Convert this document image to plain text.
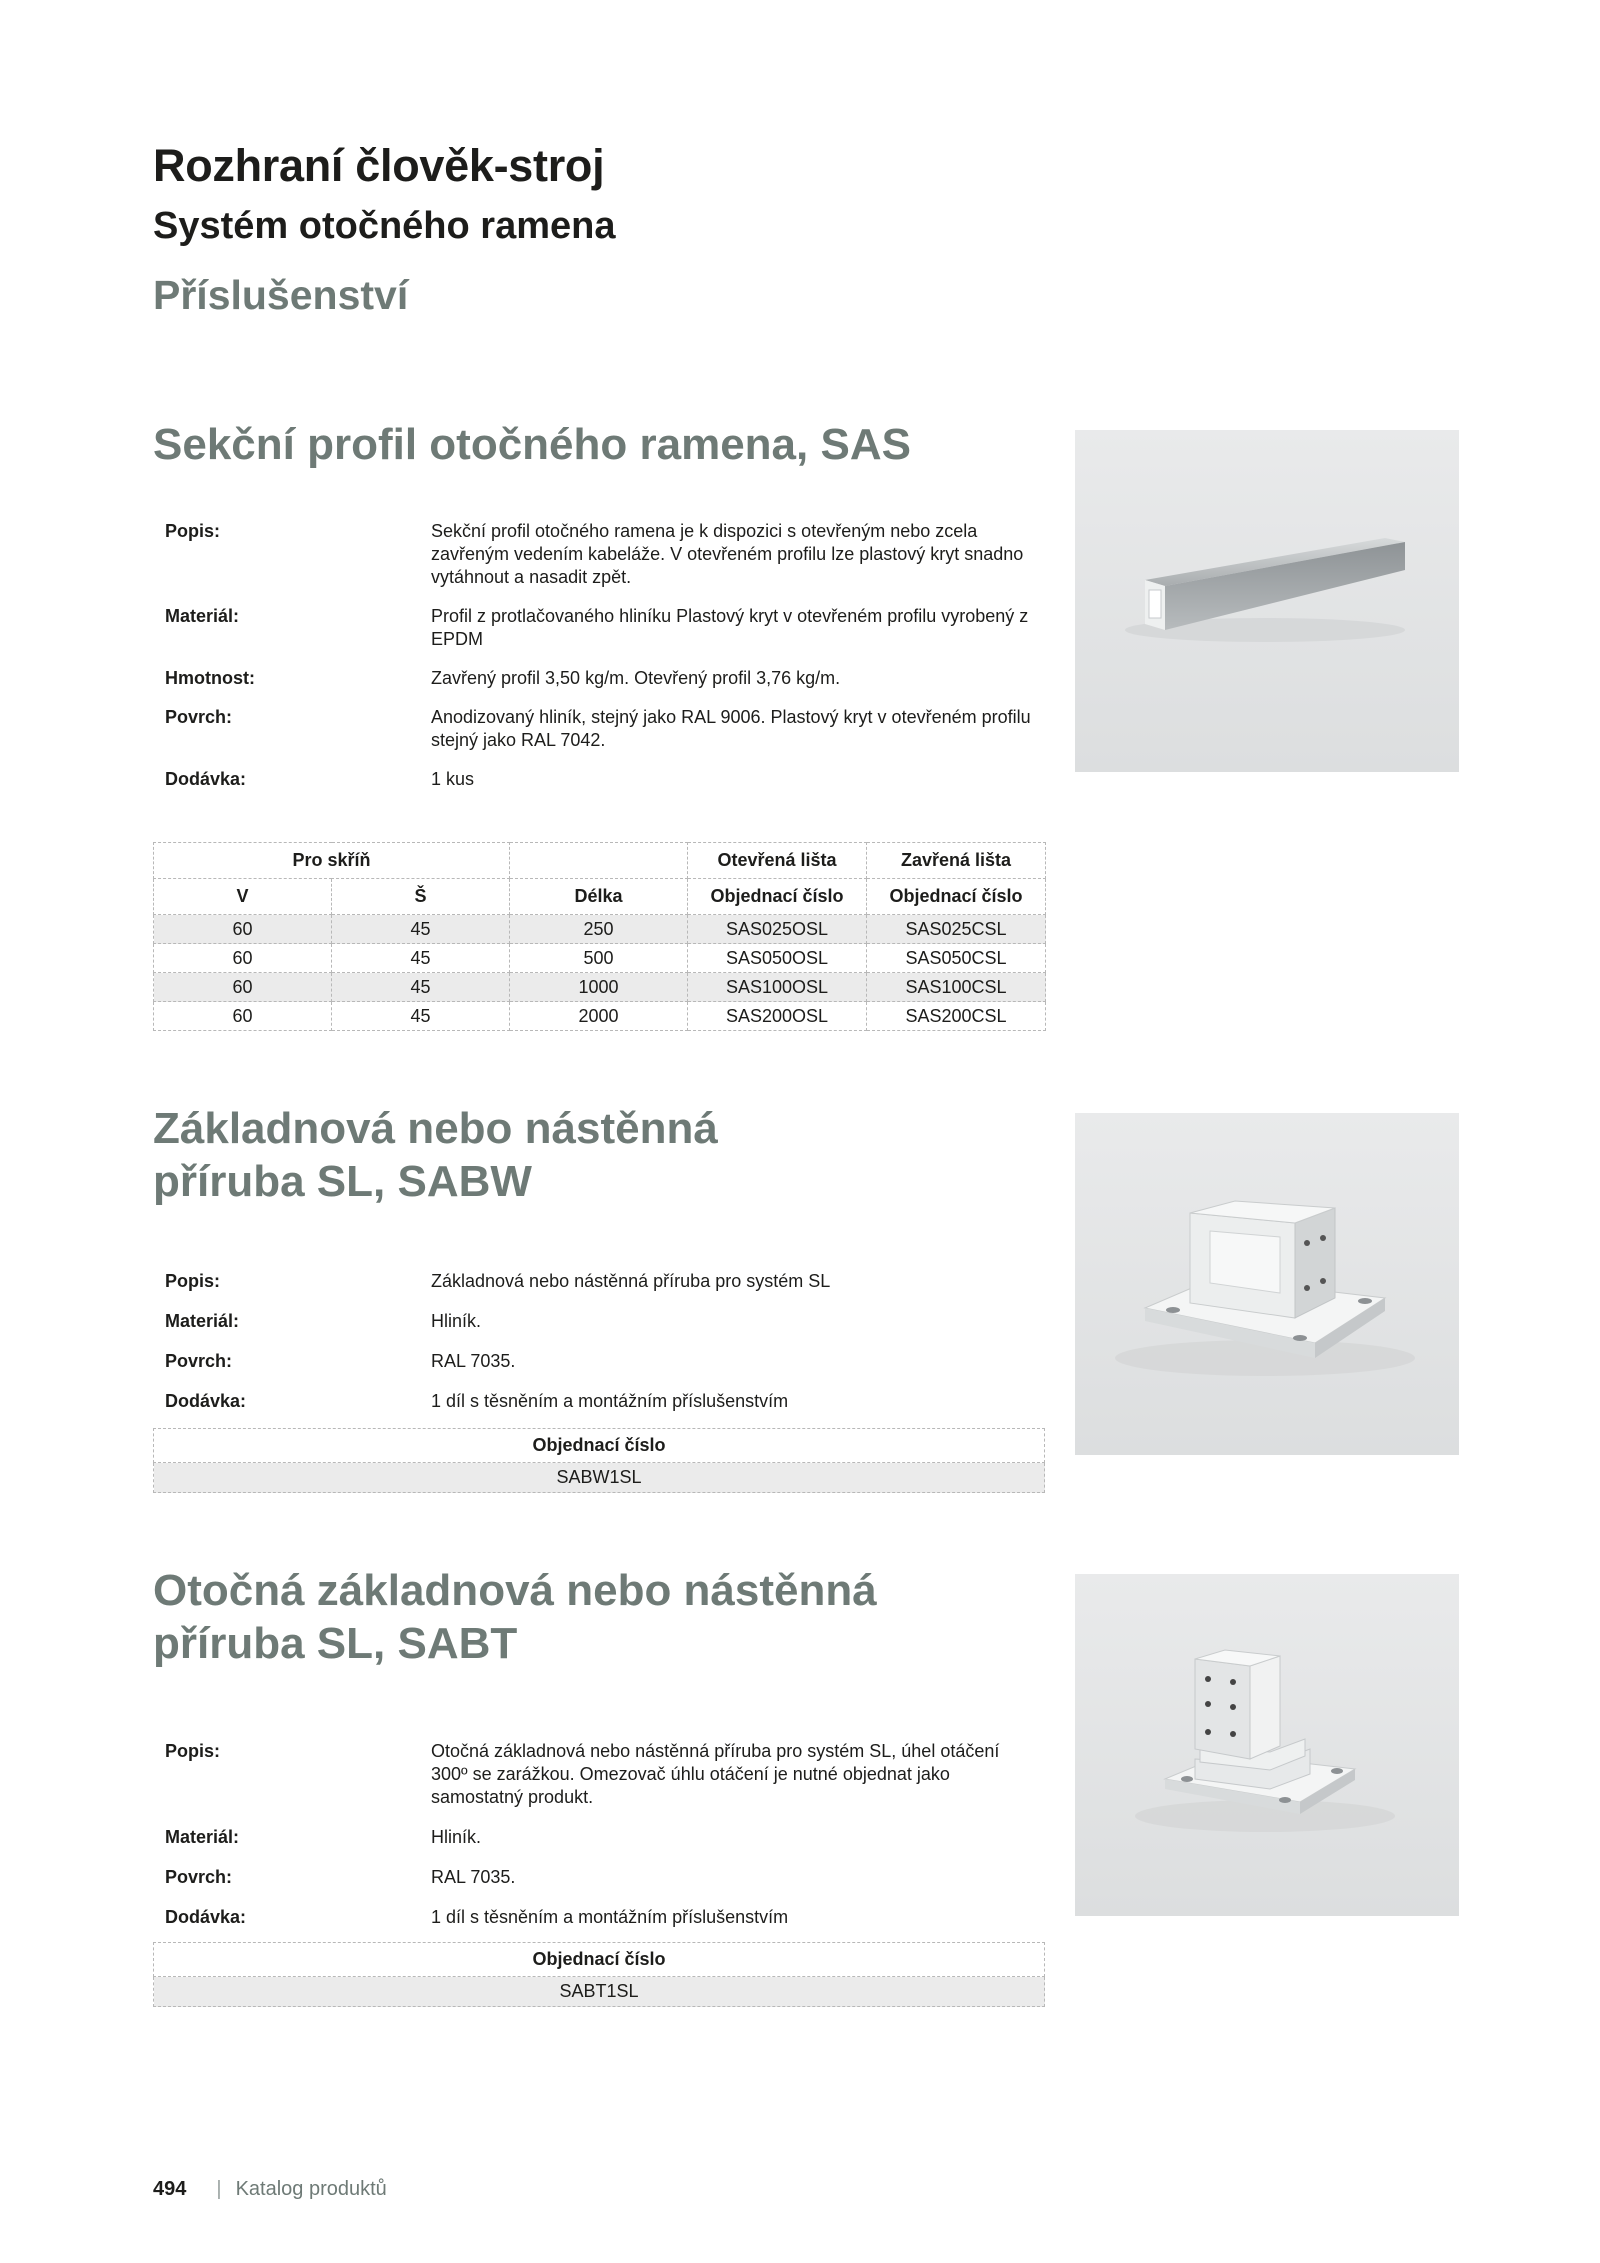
Rozhraní člověk-stroj
Systém otočného ramena
Příslušenství
Sekční profil otočného ramena, SAS
Popis:	Sekční profil otočného ramena je k dispozici s otevřeným nebo zcela zavřeným vedením kabeláže. V otevřeném profilu lze plastový kryt snadno vytáhnout a nasadit zpět.
Materiál:	Profil z protlačovaného hliníku Plastový kryt v otevřeném profilu vyrobený z EPDM
Hmotnost:	Zavřený profil 3,50 kg/m. Otevřený profil 3,76 kg/m.
Povrch:	Anodizovaný hliník, stejný jako RAL 9006. Plastový kryt v otevřeném profilu stejný jako RAL 7042.
Dodávka:	1 kus
Pro skříň			Otevřená lišta	Zavřená lišta
V	Š	Délka	Objednací číslo	Objednací číslo
60	45	250	SAS025OSL	SAS025CSL
60	45	500	SAS050OSL	SAS050CSL
60	45	1000	SAS100OSL	SAS100CSL
60	45	2000	SAS200OSL	SAS200CSL
Základnová nebo nástěnná
příruba SL, SABW
Popis:	Základnová nebo nástěnná příruba pro systém SL
Materiál:	Hliník.
Povrch:	RAL 7035.
Dodávka:	1 díl s těsněním a montážním příslušenstvím
Objednací číslo
SABW1SL
Otočná základnová nebo nástěnná
příruba SL, SABT
Popis:	Otočná základnová nebo nástěnná příruba pro systém SL, úhel otáčení 300º se zarážkou. Omezovač úhlu otáčení je nutné objednat jako samostatný produkt.
Materiál:	Hliník.
Povrch:	RAL 7035.
Dodávka:	1 díl s těsněním a montážním příslušenstvím
Objednací číslo
SABT1SL
494 | Katalog produktů
